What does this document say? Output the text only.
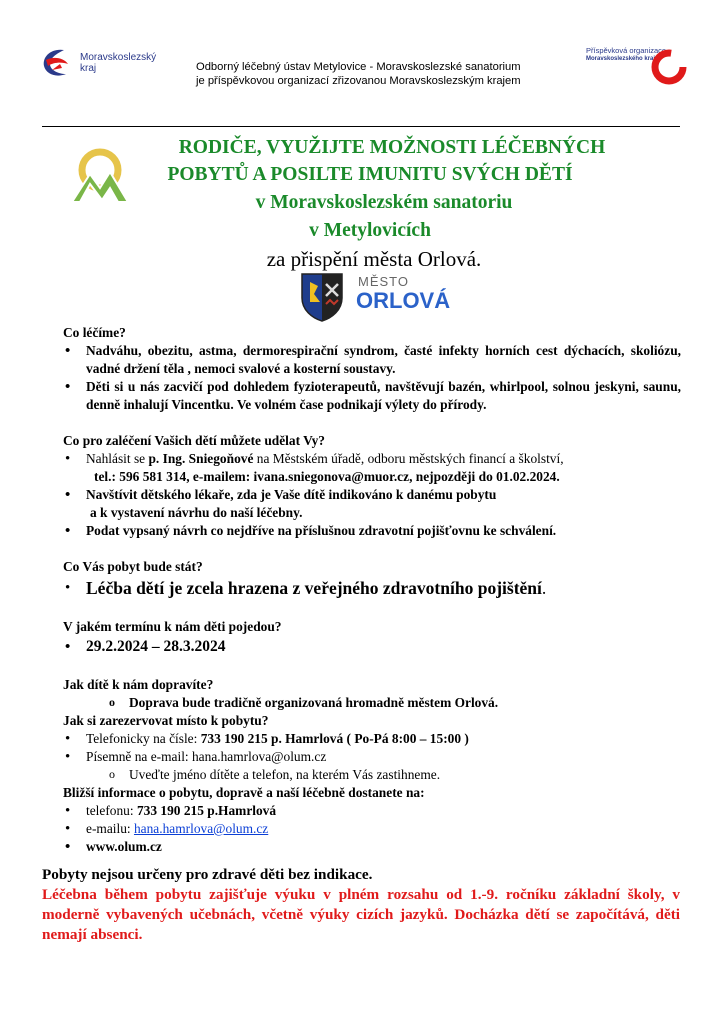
Moravskoslezský
kraj	Odborný léčebný ústav Metylovice - Moravskoslezské sanatorium
je příspěvkovou organizací zřizovanou Moravskoslezským krajem
Příspěvková organizace
Moravskoslezského kraje
RODIČE, VYUŽIJTE MOŽNOSTI LÉČEBNÝCH
POBYTŮ A POSILTE IMUNITU SVÝCH DĚTÍ
v Moravskoslezském sanatoriu
v Metylovicích
za přispění města Orlová.
MĚSTO
ORLOVÁ

Co léčíme?

• Nadváhu, obezitu, astma, dermorespirační syndrom, časté infekty horních cest dýchacích, skoliózu, vadné držení těla , nemoci svalové a kosterní soustavy.
• Děti si u nás zacvičí pod dohledem fyzioterapeutů, navštěvují bazén, whirlpool, solnou jeskyni, saunu, denně inhalují Vincentku. Ve volném čase podnikají výlety do přírody.

Co pro zaléčení Vašich dětí můžete udělat Vy?

• Nahlásit se p. Ing. Sniegoňové na Městském úřadě, odboru městských financí a školství,
tel.: 596 581 314, e-mailem: ivana.sniegonova@muor.cz, nejpozději do 01.02.2024.
• Navštívit dětského lékaře, zda je Vaše dítě indikováno k danému pobytu
a k vystavení návrhu do naší léčebny.
• Podat vypsaný návrh co nejdříve na příslušnou zdravotní pojišťovnu ke schválení.

Co Vás pobyt bude stát?

• Léčba dětí je zcela hrazena z veřejného zdravotního pojištění.

V jakém termínu k nám děti pojedou?

• 29.2.2024 – 28.3.2024

Jak dítě k nám dopravíte?

o Doprava bude tradičně organizovaná hromadně městem Orlová.

Jak si zarezervovat místo k pobytu?

• Telefonicky na čísle: 733 190 215 p. Hamrlová ( Po-Pá 8:00 – 15:00 )
• Písemně na e-mail: hana.hamrlova@olum.cz
o Uveďte jméno dítěte a telefon, na kterém Vás zastihneme.

Bližší informace o pobytu, dopravě a naší léčebně dostanete na:

• telefonu: 733 190 215 p.Hamrlová
• e-mailu: hana.hamrlova@olum.cz
• www.olum.cz

Pobyty nejsou určeny pro zdravé děti bez indikace.

Léčebna během pobytu zajišťuje výuku v plném rozsahu od 1.-9. ročníku základní školy, v moderně vybavených učebnách, včetně výuky cizích jazyků. Docházka dětí se započítává, děti nemají absenci.
